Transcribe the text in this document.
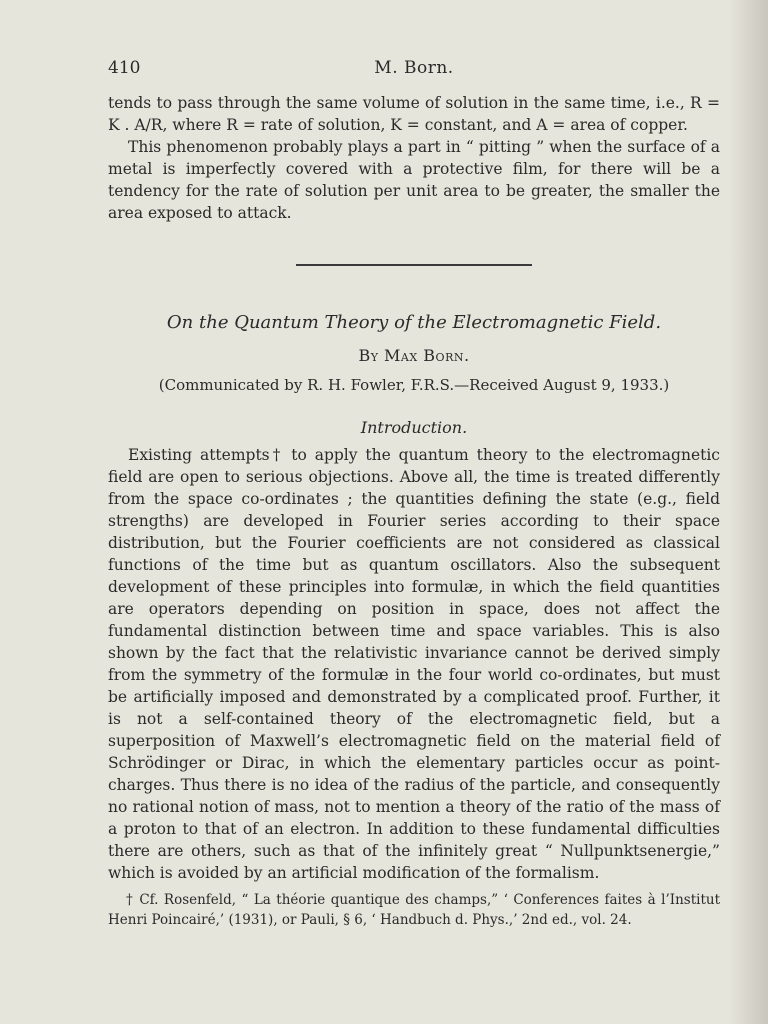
410	M. Born.

tends to pass through the same volume of solution in the same time, i.e., R = K . A/R, where R = rate of solution, K = constant, and A = area of copper.

This phenomenon probably plays a part in “ pitting ” when the surface of a metal is imperfectly covered with a protective film, for there will be a tendency for the rate of solution per unit area to be greater, the smaller the area exposed to attack.

On the Quantum Theory of the Electromagnetic Field.
By Max Born.
(Communicated by R. H. Fowler, F.R.S.—Received August 9, 1933.)
Introduction.

Existing attempts† to apply the quantum theory to the electromagnetic field are open to serious objections. Above all, the time is treated differently from the space co-ordinates ; the quantities defining the state (e.g., field strengths) are developed in Fourier series according to their space distribution, but the Fourier coefficients are not considered as classical functions of the time but as quantum oscillators. Also the subsequent development of these principles into formulæ, in which the field quantities are operators depending on position in space, does not affect the fundamental distinction between time and space variables. This is also shown by the fact that the relativistic invariance cannot be derived simply from the symmetry of the formulæ in the four world co-ordinates, but must be artificially imposed and demonstrated by a complicated proof. Further, it is not a self-contained theory of the electromagnetic field, but a superposition of Maxwell’s electromagnetic field on the material field of Schrödinger or Dirac, in which the elementary particles occur as point-charges. Thus there is no idea of the radius of the particle, and consequently no rational notion of mass, not to mention a theory of the ratio of the mass of a proton to that of an electron. In addition to these fundamental difficulties there are others, such as that of the infinitely great “ Nullpunktsenergie,” which is avoided by an artificial modification of the formalism.

† Cf. Rosenfeld, “ La théorie quantique des champs,” ‘ Conferences faites à l’Institut Henri Poincairé,’ (1931), or Pauli, § 6, ‘ Handbuch d. Phys.,’ 2nd ed., vol. 24.
